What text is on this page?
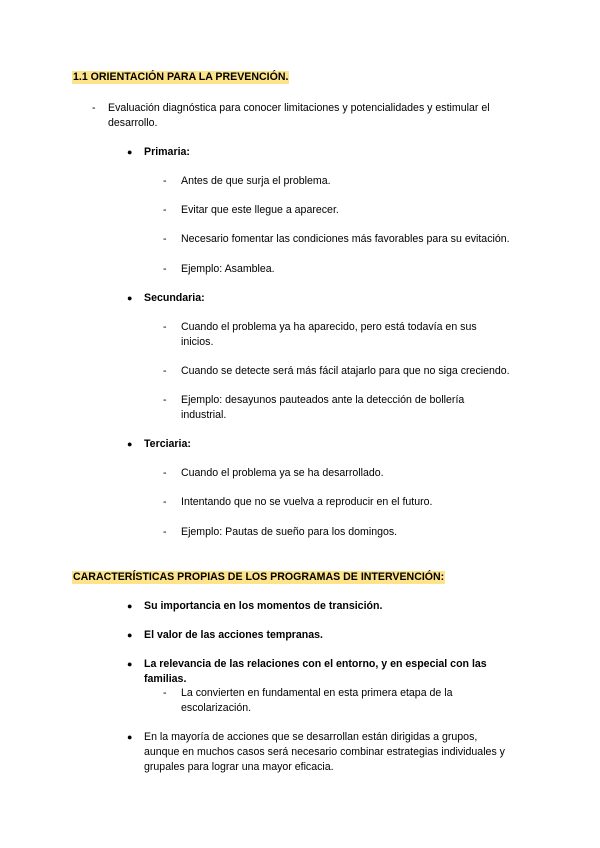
1.1 ORIENTACIÓN PARA LA PREVENCIÓN.
- Evaluación diagnóstica para conocer limitaciones y potencialidades y estimular el
desarrollo.
● Primaria:
- Antes de que surja el problema.
- Evitar que este llegue a aparecer.
- Necesario fomentar las condiciones más favorables para su evitación.
- Ejemplo: Asamblea.
● Secundaria:
- Cuando el problema ya ha aparecido, pero está todavía en sus
inicios.
- Cuando se detecte será más fácil atajarlo para que no siga creciendo.
- Ejemplo: desayunos pauteados ante la detección de bollería
industrial.
● Terciaria:
- Cuando el problema ya se ha desarrollado.
- Intentando que no se vuelva a reproducir en el futuro.
- Ejemplo: Pautas de sueño para los domingos.
CARACTERÍSTICAS PROPIAS DE LOS PROGRAMAS DE INTERVENCIÓN:
● Su importancia en los momentos de transición.
● El valor de las acciones tempranas.
● La relevancia de las relaciones con el entorno, y en especial con las
familias.
- La convierten en fundamental en esta primera etapa de la
escolarización.
● En la mayoría de acciones que se desarrollan están dirigidas a grupos,
aunque en muchos casos será necesario combinar estrategias individuales y
grupales para lograr una mayor eficacia.
